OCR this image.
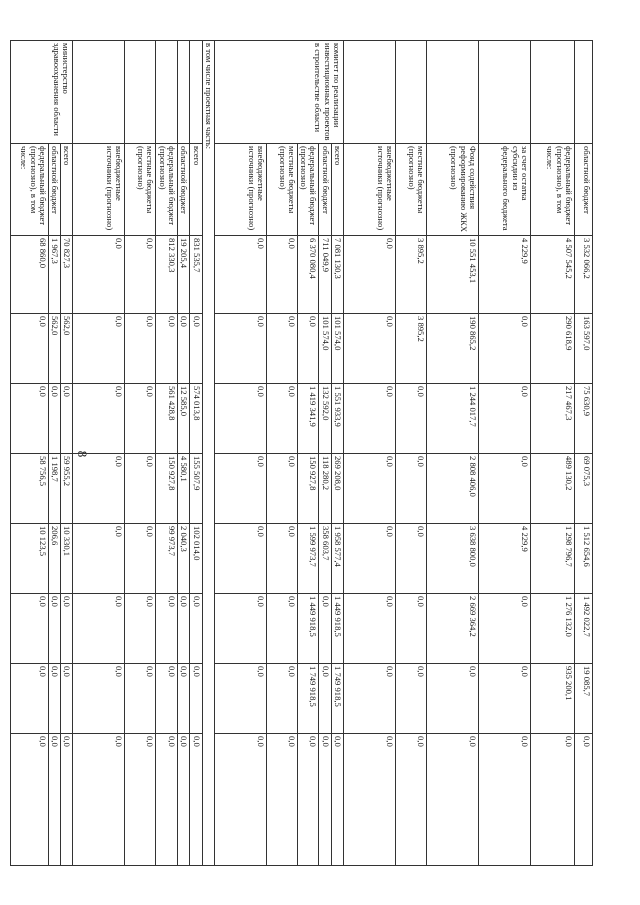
8
	областной бюджет	3 532 066,2	163 597,0	75 630,9	69 075,3	1 512 654,6	1 492 022,7	19 085,7	0,0
	федеральный бюджет (прогнозно), в том числе:	4 507 545,2	290 618,9	217 467,3	489 130,2	1 298 796,7	1 276 132,0	935 200,1	0,0
	за счет остатка субсидии из федерального бюджета	4 229,9	0,0	0,0	0,0	4 229,9	0,0	0,0	0,0
	Фонд содействия реформированию ЖКХ (прогнозно)	10 551 453,1	190 865,2	1 244 017,7	2 808 406,0	3 638 800,0	2 669 364,2	0,0	0,0
	местные бюджеты (прогнозно)	3 895,2	3 895,2	0,0	0,0	0,0	0,0	0,0	0,0
	внебюджетные источники (прогнозно)	0,0	0,0	0,0	0,0	0,0	0,0	0,0	0,0
комитет по реализации инвестиционных проектов в строительстве области	всего	7 081 130,3	101 574,0	1 551 933,9	269 208,0	1 958 577,4	1 449 918,5	1 749 918,5	0,0
	областной бюджет	711 049,9	101 574,0	132 592,0	118 280,2	358 603,7	0,0	0,0	0,0
	федеральный бюджет (прогнозно)	6 370 080,4	0,0	1 419 341,9	150 927,8	1 599 973,7	1 449 918,5	1 749 918,5	0,0
	местные бюджеты (прогнозно)	0,0	0,0	0,0	0,0	0,0	0,0	0,0	0,0
	внебюджетные источники (прогнозно)	0,0	0,0	0,0	0,0	0,0	0,0	0,0	0,0
в том числе проектная часть:									
	всего	831 535,7	0,0	574 013,8	155 507,9	102 014,0	0,0	0,0	0,0
	областной бюджет	19 205,4	0,0	12 585,0	4 580,1	2 040,3	0,0	0,0	0,0
	федеральный бюджет (прогнозно)	812 330,3	0,0	561 428,8	150 927,8	99 973,7	0,0	0,0	0,0
	местные бюджеты (прогнозно)	0,0	0,0	0,0	0,0	0,0	0,0	0,0	0,0
	внебюджетные источники (прогнозно)	0,0	0,0	0,0	0,0	0,0	0,0	0,0	0,0
министерство здравоохранения области	всего	70 827,3	562,0	0,0	59 955,2	10 330,1	0,0	0,0	0,0
	областной бюджет	1 967,3	562,0	0,0	1 198,7	206,6	0,0	0,0	0,0
	федеральный бюджет (прогнозно), в том числе:	68 860,0	0,0	0,0	58 756,5	10 123,5	0,0	0,0	0,0
